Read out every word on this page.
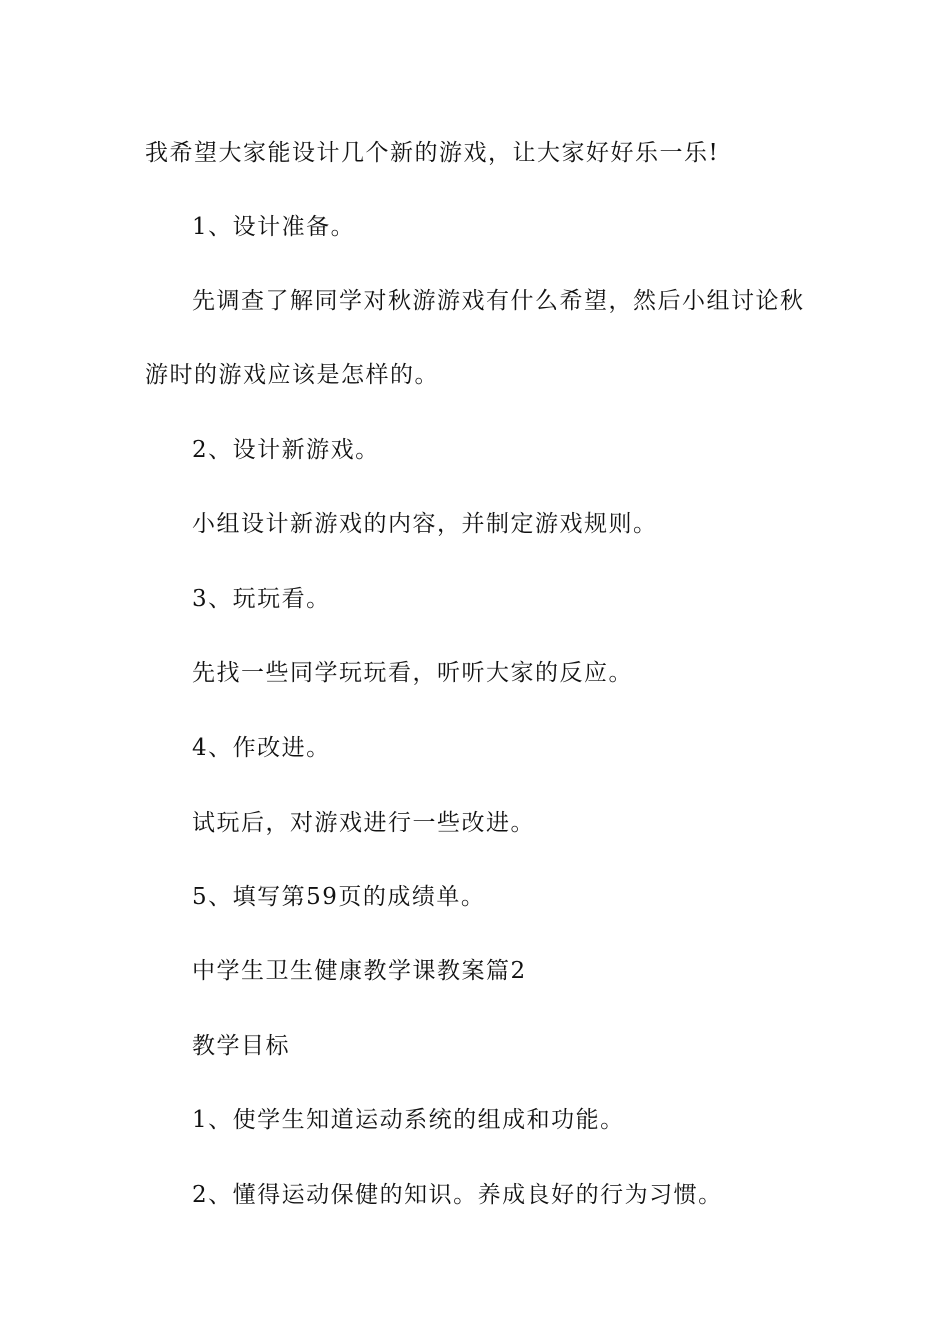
我希望大家能设计几个新的游戏，让大家好好乐一乐!

1、设计准备。

先调查了解同学对秋游游戏有什么希望，然后小组讨论秋

游时的游戏应该是怎样的。

2、设计新游戏。

小组设计新游戏的内容，并制定游戏规则。

3、玩玩看。

先找一些同学玩玩看，听听大家的反应。

4、作改进。

试玩后，对游戏进行一些改进。

5、填写第59页的成绩单。

中学生卫生健康教学课教案篇2

教学目标

1、使学生知道运动系统的组成和功能。

2、懂得运动保健的知识。养成良好的行为习惯。
